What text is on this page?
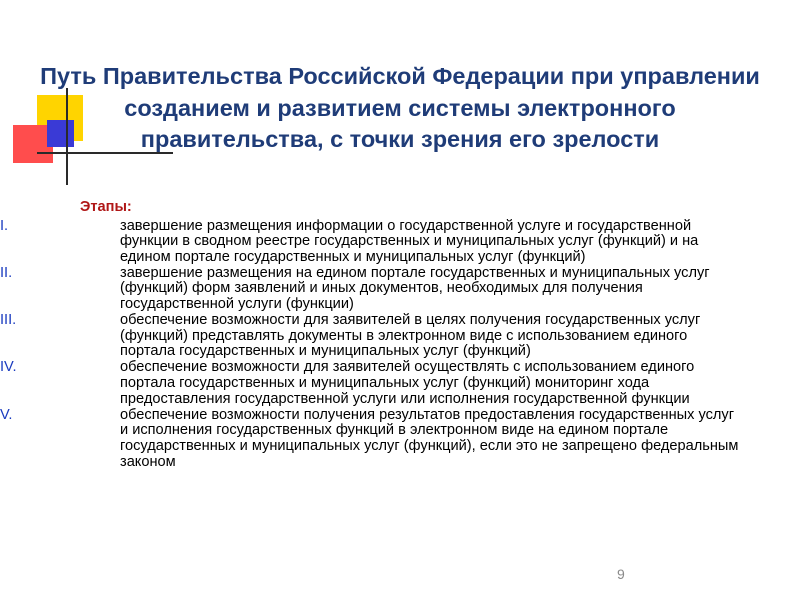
Путь Правительства Российской Федерации при управлении созданием и развитием системы электронного правительства, с точки зрения его зрелости
Этапы:
I.	завершение размещения информации о государственной услуге и государственной функции в сводном реестре государственных и муниципальных услуг (функций) и на едином портале государственных и муниципальных услуг (функций)
II.	завершение размещения на едином портале государственных и муниципальных услуг (функций) форм заявлений и иных документов, необходимых для получения государственной услуги (функции)
III.	обеспечение возможности для заявителей в целях получения государственных услуг (функций) представлять документы в электронном виде с использованием единого портала государственных и муниципальных услуг (функций)
IV.	обеспечение возможности для заявителей осуществлять с использованием единого портала государственных и муниципальных услуг (функций) мониторинг хода предоставления государственной услуги или исполнения государственной функции
V.	обеспечение возможности получения результатов предоставления государственных услуг и исполнения государственных функций в электронном виде на едином портале государственных и муниципальных услуг (функций), если это не запрещено федеральным законом
9
